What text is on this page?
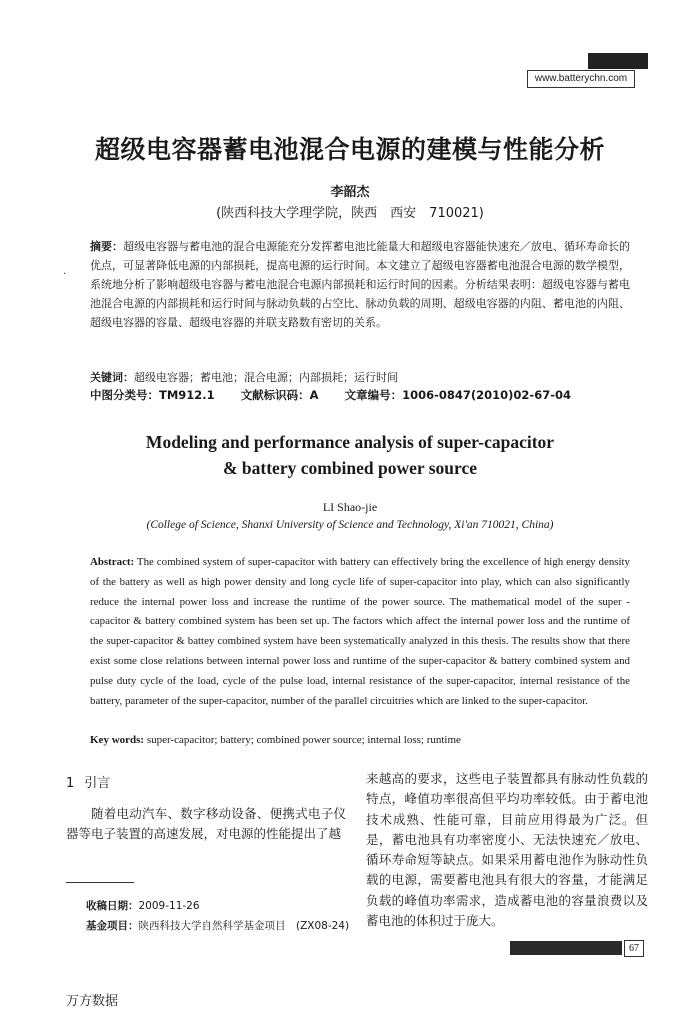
www.batterychn.com
超级电容器蓄电池混合电源的建模与性能分析
李韶杰
(陕西科技大学理学院，陕西　西安　710021)
.
摘要：超级电容器与蓄电池的混合电源能充分发挥蓄电池比能量大和超级电容器能快速充／放电、循环寿命长的优点，可显著降低电源的内部损耗，提高电源的运行时间。本文建立了超级电容器蓄电池混合电源的数学模型，系统地分析了影响超级电容器与蓄电池混合电源内部损耗和运行时间的因素。分析结果表明：超级电容器与蓄电池混合电源的内部损耗和运行时间与脉动负载的占空比、脉动负载的周期、超级电容器的内阻、蓄电池的内阻、超级电容器的容量、超级电容器的并联支路数有密切的关系。
关键词：超级电容器；蓄电池；混合电源；内部损耗；运行时间
中图分类号：TM912.1 文献标识码：A 文章编号：1006-0847(2010)02-67-04
Modeling and performance analysis of super-capacitor
& battery combined power source
LI Shao-jie
(College of Science, Shanxi University of Science and Technology, Xi'an 710021, China)
Abstract: The combined system of super-capacitor with battery can effectively bring the excellence of high energy density of the battery as well as high power density and long cycle life of super-capacitor into play, which can also significantly reduce the internal power loss and increase the runtime of the power source. The mathematical model of the super -capacitor & battery combined system has been set up. The factors which affect the internal power loss and the runtime of the super-capacitor & battey combined system have been systematically analyzed in this thesis. The results show that there exist some close relations between internal power loss and runtime of the super-capacitor & battery combined system and pulse duty cycle of the load, cycle of the pulse load, internal resistance of the super-capacitor, internal resistance of the battery, parameter of the super-capacitor, number of the parallel circuitries which are linked to the super-capacitor.
Key words: super-capacitor; battery; combined power source; internal loss; runtime
1 引言
随着电动汽车、数字移动设备、便携式电子仪器等电子装置的高速发展，对电源的性能提出了越
来越高的要求，这些电子装置都具有脉动性负载的特点，峰值功率很高但平均功率较低。由于蓄电池技术成熟、性能可靠，目前应用得最为广泛。但是，蓄电池具有功率密度小、无法快速充／放电、循环寿命短等缺点。如果采用蓄电池作为脉动性负载的电源，需要蓄电池具有很大的容量，才能满足负载的峰值功率需求，造成蓄电池的容量浪费以及蓄电池的体积过于庞大。
收稿日期：2009-11-26
基金项目：陕西科技大学自然科学基金项目　(ZX08-24)
67
万方数据
